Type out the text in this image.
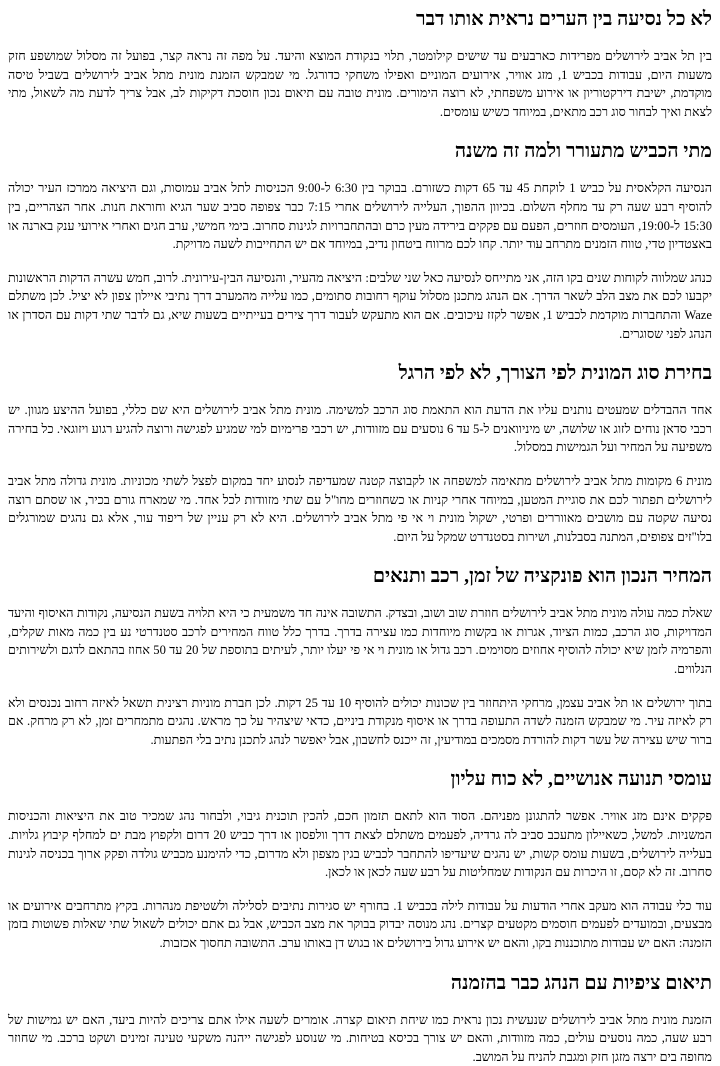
לא כל נסיעה בין הערים נראית אותו דבר

בין תל אביב לירושלים מפרידות כארבעים עד שישים קילומטר, תלוי בנקודת המוצא והיעד. על מפה זה נראה קצר, בפועל זה מסלול שמושפע חזק משעות היום, עבודות בכביש 1, מזג אוויר, אירועים המוניים ואפילו משחקי כדורגל. מי שמבקש הזמנת מונית מתל אביב לירושלים בשביל טיסה מוקדמת, ישיבת דירקטוריון או אירוע משפחתי, לא רוצה הימורים. מונית טובה עם תיאום נכון חוסכת דקיקות לב, אבל צריך לדעת מה לשאול, מתי לצאת ואיך לבחור סוג רכב מתאים, במיוחד כשיש עומסים.

מתי הכביש מתעורר ולמה זה משנה

הנסיעה הקלאסית על כביש 1 לוקחת 45 עד 65 דקות כשזורם. בבוקר בין 6:30 ל-9:00 הכניסות לתל אביב עמוסות, וגם היציאה ממרכז העיר יכולה להוסיף רבע שעה רק עד מחלף השלום. בכיוון ההפוך, העלייה לירושלים אחרי 7:15 כבר צפופה סביב שער הגיא וחוראת חנות. אחר הצהריים, בין 15:30 ל-19:00, העומסים חוזרים, הפעם עם פקקים בירידה מעין כרם ובהתחברויות לגינות סחרוב. בימי חמישי, ערב חגים ואחרי אירועי ענק בארנה או באצטדיון טדי, טווח הזמנים מתרחב עוד יותר. קחו לכם מרווח ביטחון נדיב, במיוחד אם יש התחייבות לשעה מדויקת.

כנהג שמלווה לקוחות שנים בקו הזה, אני מתייחס לנסיעה כאל שני שלבים: היציאה מהעיר, והנסיעה הבין-עירונית. לרוב, חמש עשרה הדקות הראשונות יקבעו לכם את מצב הלב לשאר הדרך. אם הנהג מתכנן מסלול עוקף רחובות סתומים, כמו עלייה מהמערב דרך נתיבי איילון צפון לא יציל. לכן משתלם Waze והתחברות מוקדמת לכביש 1, אפשר לקזז עיכובים. אם הוא מתעקש לעבור דרך צירים בעייתיים בשעות שיא, גם לדבר שתי דקות עם הסדרן או הנהג לפני שסוגרים.

בחירת סוג המונית לפי הצורך, לא לפי הרגל

אחד ההבדלים שמעטים נותנים עליו את הדעת הוא התאמת סוג הרכב למשימה. מונית מתל אביב לירושלים היא שם כללי, בפועל ההיצע מגוון. יש רכבי סדאן נוחים לזוג או שלושה, יש מיניוואנים ל-5 עד 6 נוסעים עם מזוודות, יש רכבי פרימיום למי שמגיע לפגישה ורוצה להגיע רגוע ויזוגאי. כל בחירה משפיעה על המחיר ועל הגמישות במסלול.

מונית 6 מקומות מתל אביב לירושלים מתאימה למשפחה או לקבוצה קטנה שמעדיפה לנסוע יחד במקום לפצל לשתי מכוניות. מונית גדולה מתל אביב לירושלים תפתור לכם את סוגיית המטען, במיוחד אחרי קניות או כשחוזרים מחו"ל עם שתי מזוודות לכל אחד. מי שמארח גורם בכיר, או שסתם רוצה נסיעה שקטה עם מושבים מאווררים ופרטי, ישקול מונית וי אי פי מתל אביב לירושלים. היא לא רק עניין של ריפוד עור, אלא גם נהגים שמורגלים בלו"זים צפופים, המתנה בסבלנות, ושירות בסטנדרט שמקל על היום.

המחיר הנכון הוא פונקציה של זמן, רכב ותנאים

שאלת כמה עולה מונית מתל אביב לירושלים חוזרת שוב ושוב, ובצדק. התשובה אינה חד משמעית כי היא תלויה בשעת הנסיעה, נקודות האיסוף והיעד המדויקות, סוג הרכב, כמות הציוד, אגרות או בקשות מיוחדות כמו עצירה בדרך. בדרך כלל טווח המחירים לרכב סטנדרטי נע בין כמה מאות שקלים, והפרמיה לזמן שיא יכולה להוסיף אחוזים מסוימים. רכב גדול או מונית וי אי פי יעלו יותר, לעיתים בתוספת של 20 עד 50 אחוז בהתאם לדגם ולשירותים הנלווים.

בתוך ירושלים או תל אביב עצמן, מרחקי היתחוזר בין שכונות יכולים להוסיף 10 עד 25 דקות. לכן חברת מוניות רצינית תשאל לאיזה רחוב נכנסים ולא רק לאיזה עיר. מי שמבקש הזמנה לשדה התעופה בדרך או איסוף מנקודת ביניים, כדאי שיצהיר על כך מראש. נהגים מתמחרים זמן, לא רק מרחק. אם ברור שיש עצירה של עשר דקות להורדת מסמכים במודיעין, זה ייכנס לחשבון, אבל יאפשר לנהג לתכנן נתיב בלי הפתעות.

עומסי תנועה אנושיים, לא כוח עליון

פקקים אינם מזג אוויר. אפשר להתגונן מפניהם. הסוד הוא לתאם תזמון חכם, להכין תוכנית גיבוי, ולבחור נהג שמכיר טוב את היציאות והכניסות המשניות. למשל, כשאיילון מתעכב סביב לה גרדיה, לפעמים משתלם לצאת דרך וולפסון או דרך כביש 20 דרום ולקפוץ מבת ים למחלף קיבוץ גלויות. בעלייה לירושלים, בשעות עומס קשות, יש נהגים שיעדיפו להתחבר לכביש בגין מצפון ולא מדרום, כדי להימנע מכביש גולדה ופקק ארוך בכניסה לגינות סחרוב. זה לא קסם, זו היכרות עם הנקודות שמחליטות על רבע שעה לכאן או לכאן.

עוד כלי עבודה הוא מעקב אחרי הודעות על עבודות לילה בכביש 1. בחורף יש סגירות נתיבים לסלילה ולשטיפת מנהרות. בקיץ מתרחבים אירועים או מבצעים, ובמועדים לפעמים חוסמים מקטעים קצרים. נהג מנוסה יבדוק בבוקר את מצב הכביש, אבל גם אתם יכולים לשאול שתי שאלות פשוטות בזמן הזמנה: האם יש עבודות מתוכננות בקו, והאם יש אירוע גדול בירושלים או בגוש דן באותו ערב. התשובה תחסוך אכזבות.

תיאום ציפיות עם הנהג כבר בהזמנה

הזמנת מונית מתל אביב לירושלים שנעשית נכון נראית כמו שיחת תיאום קצרה. אומרים לשעה אילו אתם צריכים להיות ביעד, האם יש גמישות של רבע שעה, כמה נוסעים עולים, כמה מזוודות, והאם יש צורך בכיסא בטיחות. מי שנוסע לפגישה ייהנה משקעי טעינה זמינים ושקט ברכב. מי שחוזר מחופה בים ירצה מזגן חזק ומגבת להניח על המושב.
